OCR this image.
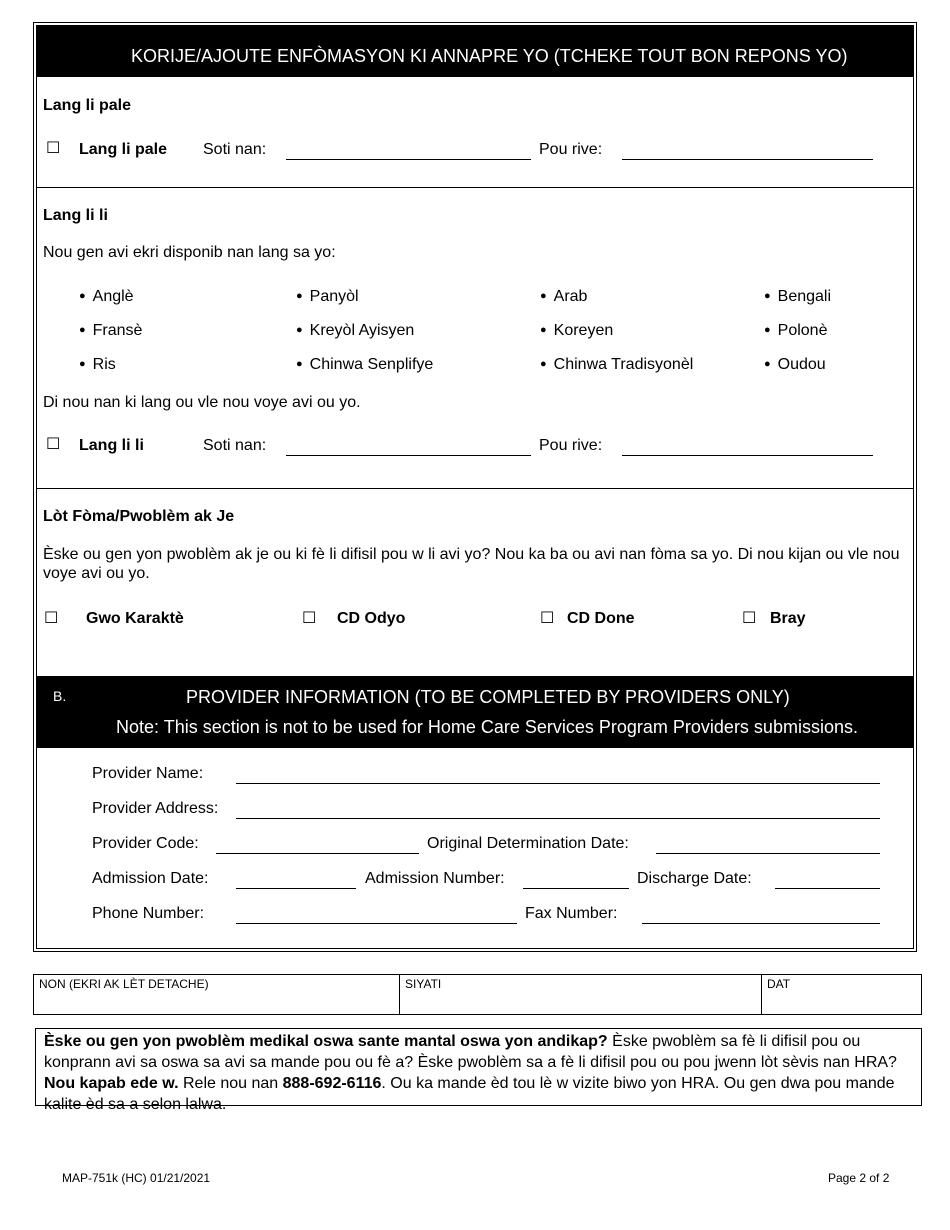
KORIJE/AJOUTE ENFÒMASYON KI ANNAPRE YO (TCHEKE TOUT BON REPONS YO)
Lang li pale
☐ Lang li pale Soti nan:	Pou rive:
Lang li li
Nou gen avi ekri disponib nan lang sa yo:
● Anglè	● Panyòl	● Arab	● Bengali
● Fransè	● Kreyòl Ayisyen	● Koreyen	● Polonè
● Ris	● Chinwa Senplifye	● Chinwa Tradisyonèl	● Oudou
Di nou nan ki lang ou vle nou voye avi ou yo.
☐ Lang li li	Soti nan:	Pou rive:
Lòt Fòma/Pwoblèm ak Je
Èske ou gen yon pwoblèm ak je ou ki fè li difisil pou w li avi yo? Nou ka ba ou avi nan fòma sa yo. Di nou kijan ou vle nou voye avi ou yo.
☐ Gwo Karaktè	☐ CD Odyo	☐ CD Done	☐ Bray
B.	PROVIDER INFORMATION (TO BE COMPLETED BY PROVIDERS ONLY)
Note: This section is not to be used for Home Care Services Program Providers submissions.
Provider Name:
Provider Address:
Provider Code:	Original Determination Date:
Admission Date:	Admission Number:	Discharge Date:
Phone Number:	Fax Number:
NON (EKRI AK LÈT DETACHE)	SIYATI	DAT
Èske ou gen yon pwoblèm medikal oswa sante mantal oswa yon andikap? Èske pwoblèm sa fè li difisil pou ou konprann avi sa oswa sa avi sa mande pou ou fè a? Èske pwoblèm sa a fè li difisil pou ou pou jwenn lòt sèvis nan HRA? Nou kapab ede w. Rele nou nan 888-692-6116. Ou ka mande èd tou lè w vizite biwo yon HRA. Ou gen dwa pou mande kalite èd sa a selon lalwa.
MAP-751k (HC) 01/21/2021	Page 2 of 2
